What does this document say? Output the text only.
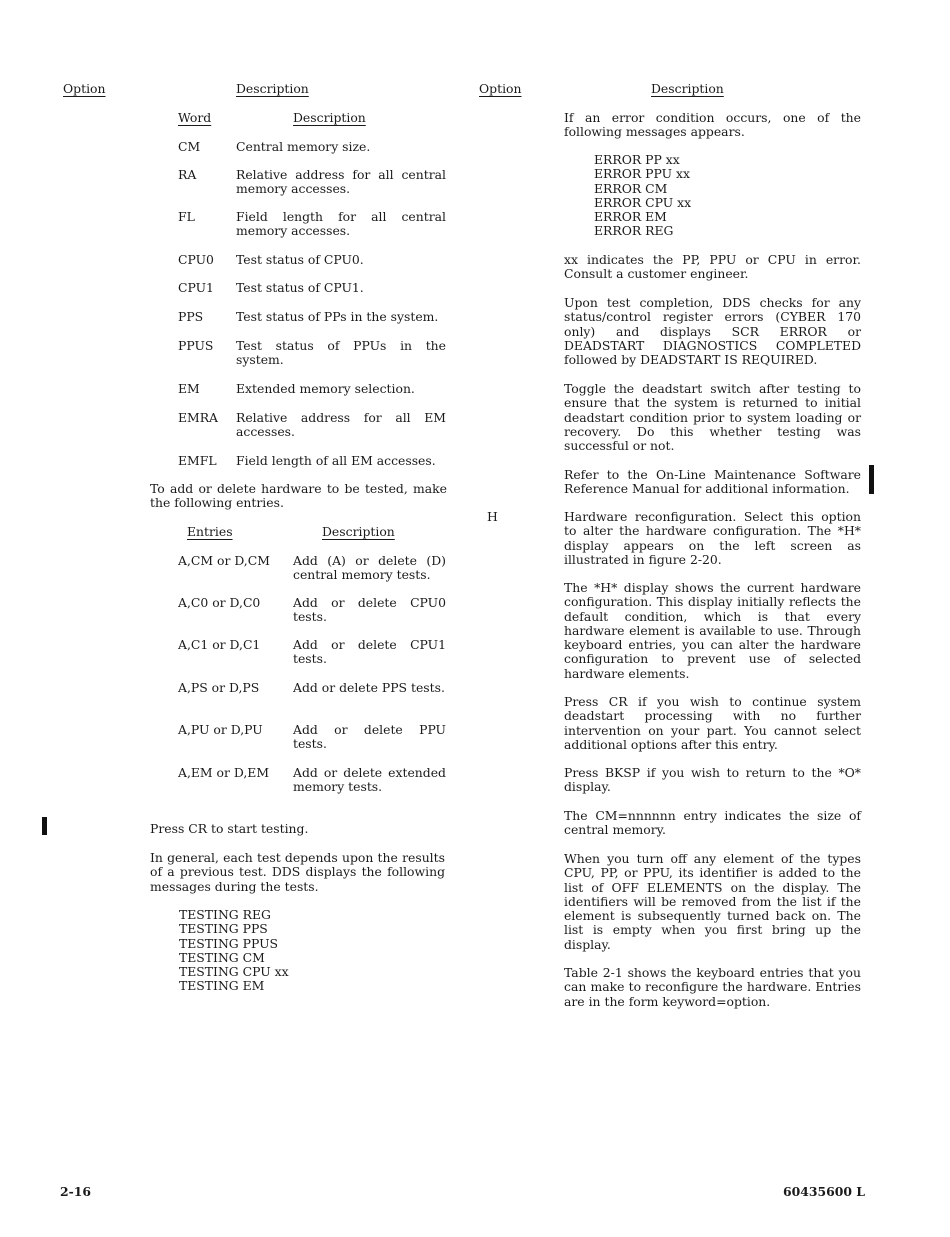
Option	Description	Option	Description
Word	Description
CM	Central memory size.
RA	Relative address for all central memory accesses.
FL	Field length for all central memory accesses.
CPU0 Test status of CPU0.
CPU1 Test status of CPU1.
PPS	Test status of PPs in the system.
PPUS Test status of PPUs in the system.
EM	Extended memory selection.
EMRA Relative address for all EM accesses.
EMFL Field length of all EM accesses.
To add or delete hardware to be tested, make the following entries.
Entries	Description
A,CM or D,CM Add (A) or delete (D) central memory tests.
A,C0 or D,C0	Add or delete CPU0 tests.
A,C1 or D,C1	Add or delete CPU1 tests.
A,PS or D,PS	Add or delete PPS tests.
A,PU or D,PU Add or delete PPU tests.
A,EM or D,EM Add or delete extended memory tests.
Press CR to start testing.
In general, each test depends upon the results of a previous test. DDS displays the following messages during the tests.
TESTING REG
TESTING PPS
TESTING PPUS
TESTING CM
TESTING CPU xx
TESTING EM
If an error condition occurs, one of the following messages appears.
ERROR PP xx
ERROR PPU xx
ERROR CM
ERROR CPU xx
ERROR EM
ERROR REG
xx indicates the PP, PPU or CPU in error. Consult a customer engineer.
Upon test completion, DDS checks for any status/control register errors (CYBER 170 only) and displays SCR ERROR or DEADSTART DIAGNOSTICS COMPLETED followed by DEADSTART IS REQUIRED.
Toggle the deadstart switch after testing to ensure that the system is returned to initial deadstart condition prior to system loading or recovery. Do this whether testing was successful or not.
Refer to the On-Line Maintenance Software Reference Manual for additional information.
H	Hardware reconfiguration. Select this option to alter the hardware configuration. The *H* display appears on the left screen as illustrated in figure 2-20.
The *H* display shows the current hardware configuration. This display initially reflects the default condition, which is that every hardware element is available to use. Through keyboard entries, you can alter the hardware configuration to prevent use of selected hardware elements.
Press CR if you wish to continue system deadstart processing with no further intervention on your part. You cannot select additional options after this entry.
Press BKSP if you wish to return to the *O* display.
The CM=nnnnnn entry indicates the size of central memory.
When you turn off any element of the types CPU, PP, or PPU, its identifier is added to the list of OFF ELEMENTS on the display. The identifiers will be removed from the list if the element is subsequently turned back on. The list is empty when you first bring up the display.
Table 2-1 shows the keyboard entries that you can make to reconfigure the hardware. Entries are in the form keyword=option.
2-16	60435600 L
